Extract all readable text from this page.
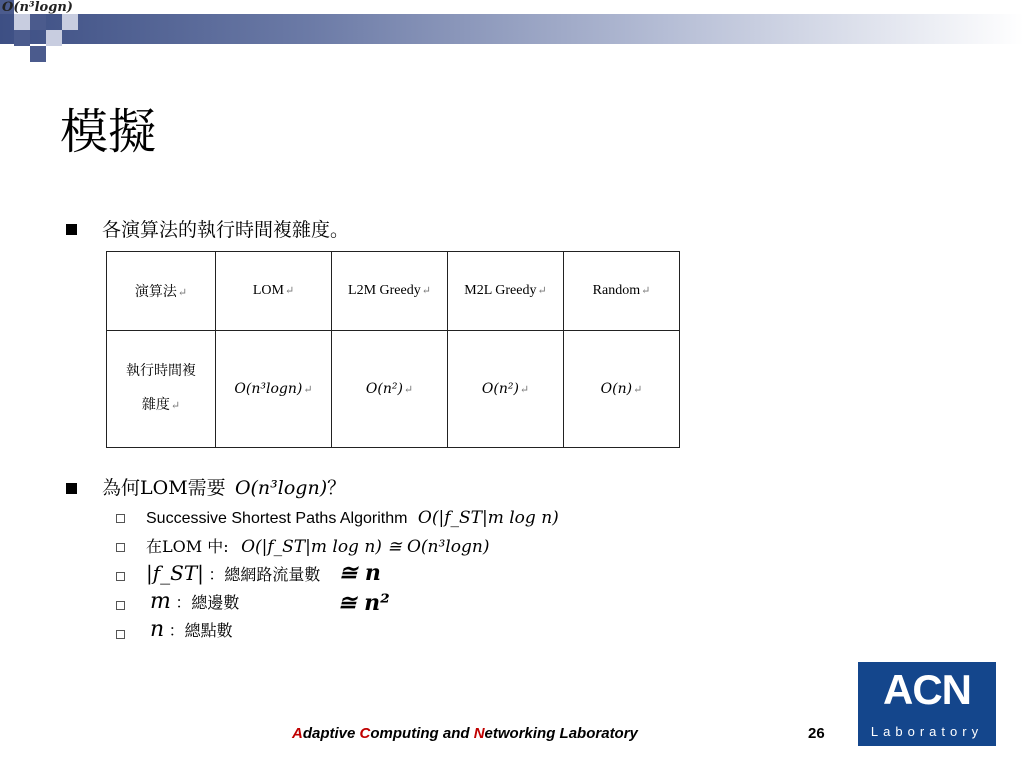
O(n³logn)
模擬
各演算法的執行時間複雜度。
演算法↵	LOM↵	L2M Greedy↵	M2L Greedy↵	Random↵

執行時間複
雜度↵	O(n³logn)↵	O(n²)↵	O(n²)↵	O(n)↵
為何LOM需要 O(n³logn)？
Successive Shortest Paths Algorithm O(|f_ST|m log n)
在LOM 中: O(|f_ST|m log n) ≅ O(n³logn)
|f_ST| ：總網路流量數 ≅ n
m ：總邊數	≅ n²
n ：總點數
Adaptive Computing and Networking Laboratory	26
ACN
Laboratory
